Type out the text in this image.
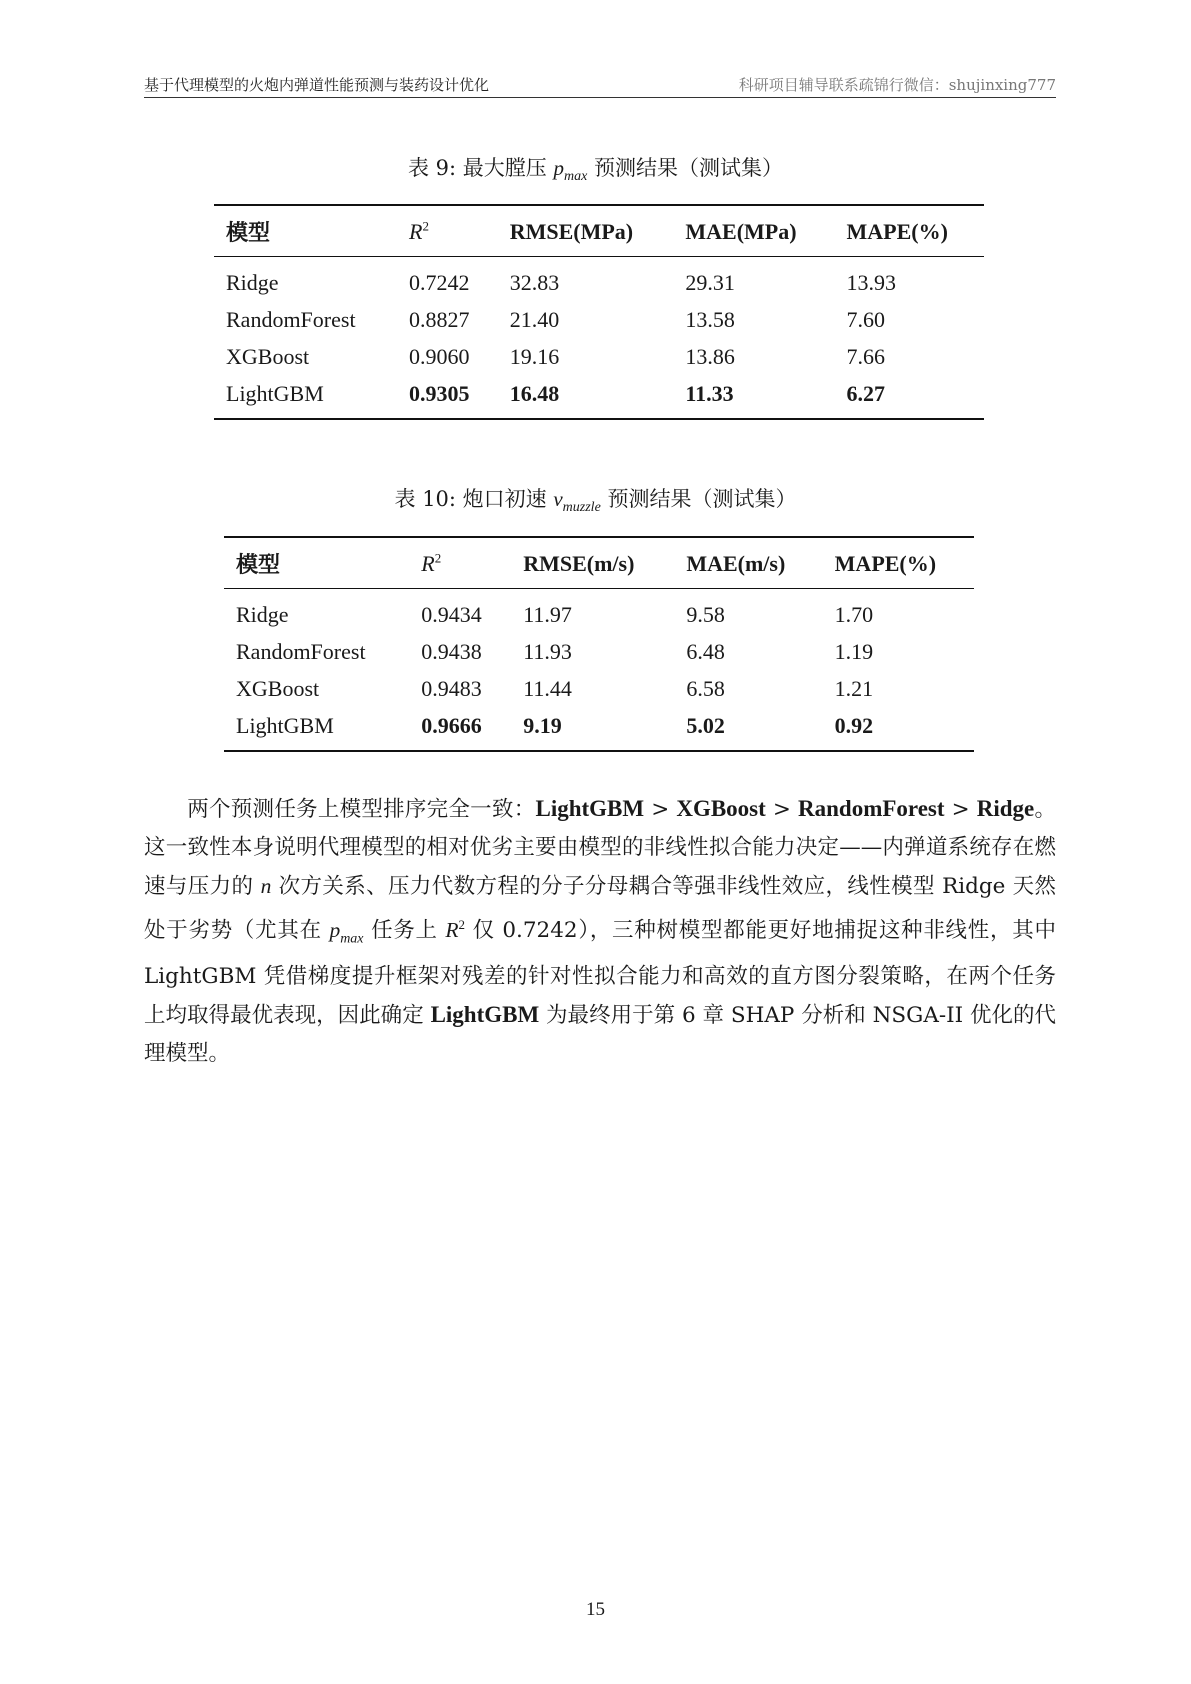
基于代理模型的火炮内弹道性能预测与装药设计优化	科研项目辅导联系疏锦行微信：shujinxing777
表 9: 最大膛压 $p_{max}$ 预测结果（测试集）
模型	$R^2$	RMSE(MPa)	MAE(MPa)	MAPE(%)
Ridge	0.7242	32.83	29.31	13.93
RandomForest	0.8827	21.40	13.58	7.60
XGBoost	0.9060	19.16	13.86	7.66
LightGBM	0.9305	16.48	11.33	6.27
表 10: 炮口初速 $v_{muzzle}$ 预测结果（测试集）
模型	$R^2$	RMSE(m/s)	MAE(m/s)	MAPE(%)
Ridge	0.9434	11.97	9.58	1.70
RandomForest	0.9438	11.93	6.48	1.19
XGBoost	0.9483	11.44	6.58	1.21
LightGBM	0.9666	9.19	5.02	0.92
两个预测任务上模型排序完全一致：LightGBM > XGBoost > RandomForest > Ridge。这一致性本身说明代理模型的相对优劣主要由模型的非线性拟合能力决定——内弹道系统存在燃速与压力的 n 次方关系、压力代数方程的分子分母耦合等强非线性效应，线性模型 Ridge 天然处于劣势（尤其在 $p_{max}$ 任务上 $R^2$ 仅 0.7242），三种树模型都能更好地捕捉这种非线性，其中 LightGBM 凭借梯度提升框架对残差的针对性拟合能力和高效的直方图分裂策略，在两个任务上均取得最优表现，因此确定 LightGBM 为最终用于第 6 章 SHAP 分析和 NSGA-II 优化的代理模型。
15
